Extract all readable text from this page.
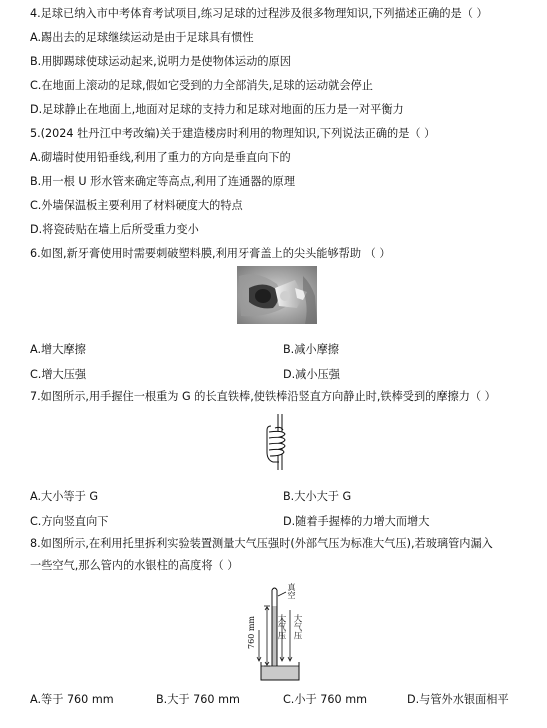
4.足球已纳入市中考体育考试项目,练习足球的过程涉及很多物理知识,下列描述正确的是（ ）
A.踢出去的足球继续运动是由于足球具有惯性
B.用脚踢球使球运动起来,说明力是使物体运动的原因
C.在地面上滚动的足球,假如它受到的力全部消失,足球的运动就会停止
D.足球静止在地面上,地面对足球的支持力和足球对地面的压力是一对平衡力
5.(2024 牡丹江中考改编)关于建造楼房时利用的物理知识,下列说法正确的是（ ）
A.砌墙时使用铅垂线,利用了重力的方向是垂直向下的
B.用一根 U 形水管来确定等高点,利用了连通器的原理
C.外墙保温板主要利用了材料硬度大的特点
D.将瓷砖贴在墙上后所受重力变小
6.如图,新牙膏使用时需要刺破塑料膜,利用牙膏盖上的尖头能够帮助 （ ）
A.增大摩擦	B.减小摩擦
C.增大压强	D.减小压强
7.如图所示,用手握住一根重为 G 的长直铁棒,使铁棒沿竖直方向静止时,铁棒受到的摩擦力（ ）
A.大小等于 G	B.大小大于 G
C.方向竖直向下	D.随着手握棒的力增大而增大
8.如图所示,在利用托里拆利实验装置测量大气压强时(外部气压为标准大气压),若玻璃管内漏入
一些空气,那么管内的水银柱的高度将（ ）
真空
760 mm 大气压 大气压
A.等于 760 mm	B.大于 760 mm	C.小于 760 mm	D.与管外水银面相平
